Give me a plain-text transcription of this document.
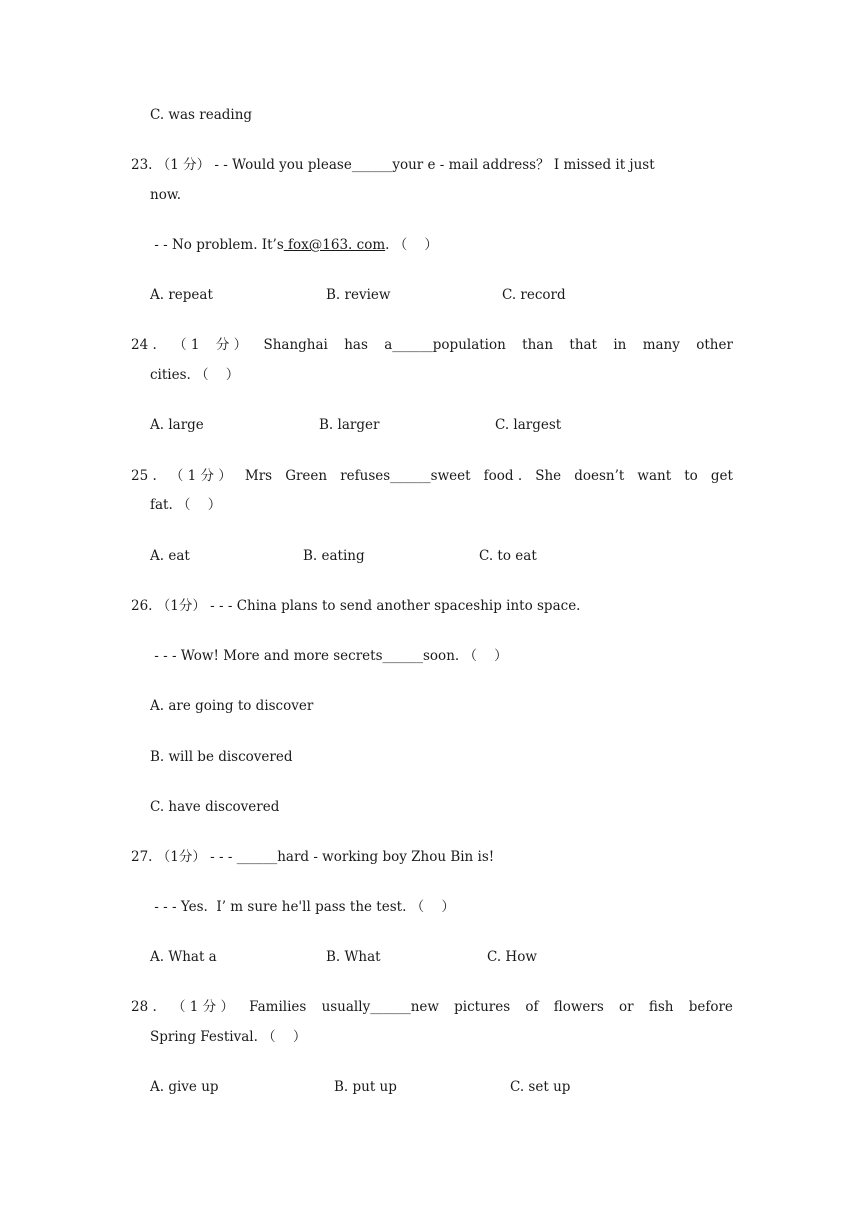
C. was reading
23. （1 分） - - Would you please______your e - mail address？ I missed it just
now.
- - No problem. It’s fox@163. com. （    ）
A. repeat	B. review	C. record
24 . （ 1 分 ） Shanghai has a______population than that in many other
cities. （    ）
A. large	B. larger	C. largest
25 . （ 1 分 ） Mrs Green refuses______sweet food . She doesn’t want to get
fat. （    ）
A. eat	B. eating	C. to eat
26. （1分） - - - China plans to send another spaceship into space.
- - - Wow! More and more secrets______soon. （    ）
A. are going to discover
B. will be discovered
C. have discovered
27. （1分） - - - ______hard - working boy Zhou Bin is!
- - - Yes.  I’ m sure he'll pass the test. （    ）
A. What a	B. What	C. How
28 . （ 1 分 ） Families usually______new pictures of flowers or fish before
Spring Festival. （    ）
A. give up	B. put up	C. set up
